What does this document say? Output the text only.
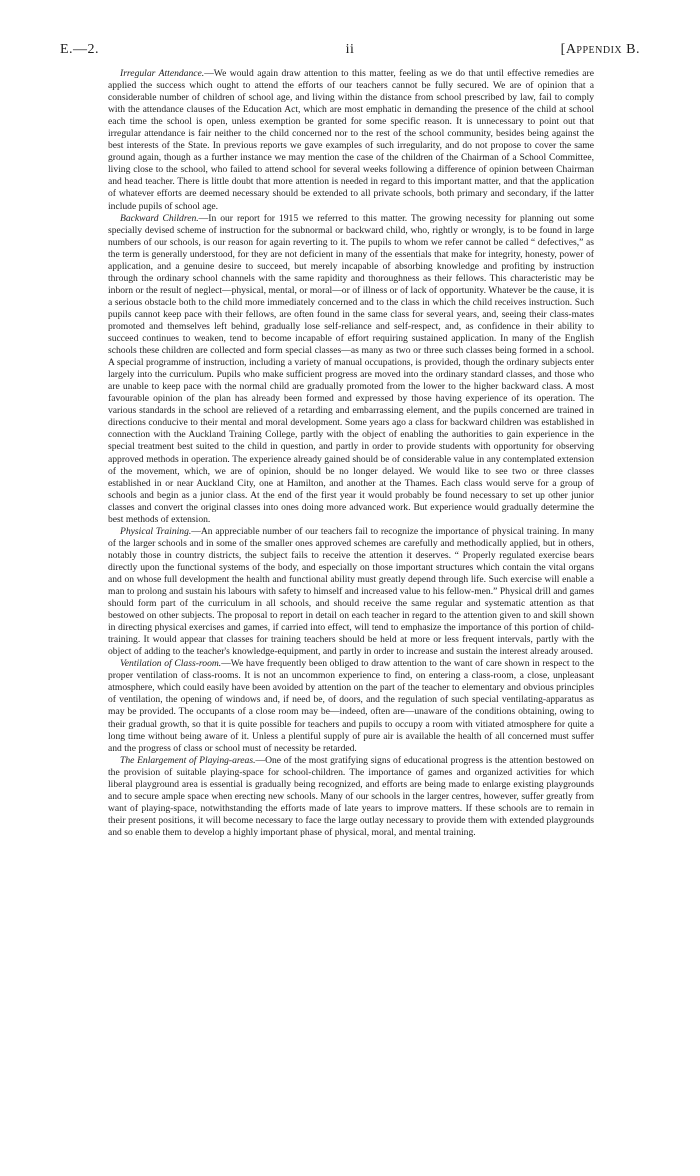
E.—2.	ii	[Appendix B.

Irregular Attendance.—We would again draw attention to this matter, feeling as we do that until effective remedies are applied the success which ought to attend the efforts of our teachers cannot be fully secured. We are of opinion that a considerable number of children of school age, and living within the distance from school prescribed by law, fail to comply with the attendance clauses of the Education Act, which are most emphatic in demanding the presence of the child at school each time the school is open, unless exemption be granted for some specific reason. It is unnecessary to point out that irregular attendance is fair neither to the child concerned nor to the rest of the school community, besides being against the best interests of the State. In previous reports we gave examples of such irregularity, and do not propose to cover the same ground again, though as a further instance we may mention the case of the children of the Chairman of a School Committee, living close to the school, who failed to attend school for several weeks following a difference of opinion between Chairman and head teacher. There is little doubt that more attention is needed in regard to this important matter, and that the application of whatever efforts are deemed necessary should be extended to all private schools, both primary and secondary, if the latter include pupils of school age.

Backward Children.—In our report for 1915 we referred to this matter. The growing necessity for planning out some specially devised scheme of instruction for the subnormal or backward child, who, rightly or wrongly, is to be found in large numbers of our schools, is our reason for again reverting to it. The pupils to whom we refer cannot be called “ defectives,” as the term is generally understood, for they are not deficient in many of the essentials that make for integrity, honesty, power of application, and a genuine desire to succeed, but merely incapable of absorbing knowledge and profiting by instruction through the ordinary school channels with the same rapidity and thoroughness as their fellows. This characteristic may be inborn or the result of neglect—physical, mental, or moral—or of illness or of lack of opportunity. Whatever be the cause, it is a serious obstacle both to the child more immediately concerned and to the class in which the child receives instruction. Such pupils cannot keep pace with their fellows, are often found in the same class for several years, and, seeing their class-mates promoted and themselves left behind, gradually lose self-reliance and self-respect, and, as confidence in their ability to succeed continues to weaken, tend to become incapable of effort requiring sustained application. In many of the English schools these children are collected and form special classes—as many as two or three such classes being formed in a school. A special programme of instruction, including a variety of manual occupations, is provided, though the ordinary subjects enter largely into the curriculum. Pupils who make sufficient progress are moved into the ordinary standard classes, and those who are unable to keep pace with the normal child are gradually promoted from the lower to the higher backward class. A most favourable opinion of the plan has already been formed and expressed by those having experience of its operation. The various standards in the school are relieved of a retarding and embarrassing element, and the pupils concerned are trained in directions conducive to their mental and moral development. Some years ago a class for backward children was established in connection with the Auckland Training College, partly with the object of enabling the authorities to gain experience in the special treatment best suited to the child in question, and partly in order to provide students with opportunity for observing approved methods in operation. The experience already gained should be of considerable value in any contemplated extension of the movement, which, we are of opinion, should be no longer delayed. We would like to see two or three classes established in or near Auckland City, one at Hamilton, and another at the Thames. Each class would serve for a group of schools and begin as a junior class. At the end of the first year it would probably be found necessary to set up other junior classes and convert the original classes into ones doing more advanced work. But experience would gradually determine the best methods of extension.

Physical Training.—An appreciable number of our teachers fail to recognize the importance of physical training. In many of the larger schools and in some of the smaller ones approved schemes are carefully and methodically applied, but in others, notably those in country districts, the subject fails to receive the attention it deserves. “ Properly regulated exercise bears directly upon the functional systems of the body, and especially on those important structures which contain the vital organs and on whose full development the health and functional ability must greatly depend through life. Such exercise will enable a man to prolong and sustain his labours with safety to himself and increased value to his fellow-men.” Physical drill and games should form part of the curriculum in all schools, and should receive the same regular and systematic attention as that bestowed on other subjects. The proposal to report in detail on each teacher in regard to the attention given to and skill shown in directing physical exercises and games, if carried into effect, will tend to emphasize the importance of this portion of child-training. It would appear that classes for training teachers should be held at more or less frequent intervals, partly with the object of adding to the teacher's knowledge-equipment, and partly in order to increase and sustain the interest already aroused.

Ventilation of Class-room.—We have frequently been obliged to draw attention to the want of care shown in respect to the proper ventilation of class-rooms. It is not an uncommon experience to find, on entering a class-room, a close, unpleasant atmosphere, which could easily have been avoided by attention on the part of the teacher to elementary and obvious principles of ventilation, the opening of windows and, if need be, of doors, and the regulation of such special ventilating-apparatus as may be provided. The occupants of a close room may be—indeed, often are—unaware of the conditions obtaining, owing to their gradual growth, so that it is quite possible for teachers and pupils to occupy a room with vitiated atmosphere for quite a long time without being aware of it. Unless a plentiful supply of pure air is available the health of all concerned must suffer and the progress of class or school must of necessity be retarded.

The Enlargement of Playing-areas.—One of the most gratifying signs of educational progress is the attention bestowed on the provision of suitable playing-space for school-children. The importance of games and organized activities for which liberal playground area is essential is gradually being recognized, and efforts are being made to enlarge existing playgrounds and to secure ample space when erecting new schools. Many of our schools in the larger centres, however, suffer greatly from want of playing-space, notwithstanding the efforts made of late years to improve matters. If these schools are to remain in their present positions, it will become necessary to face the large outlay necessary to provide them with extended playgrounds and so enable them to develop a highly important phase of physical, moral, and mental training.
